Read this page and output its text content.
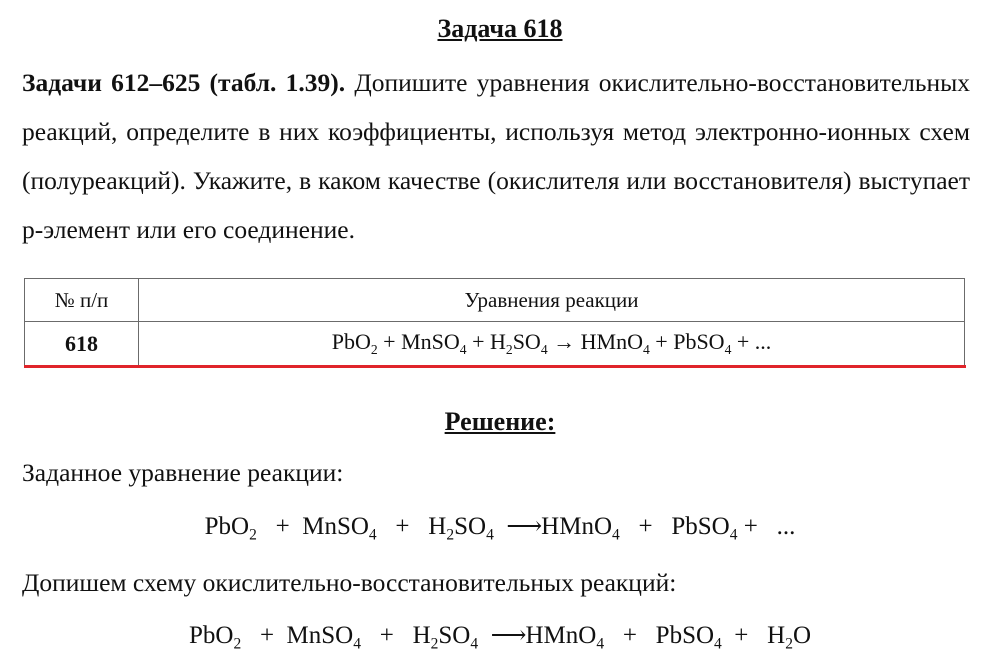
Задача 618
Задачи 612–625 (табл. 1.39). Допишите уравнения окислительно-восстановительных реакций, определите в них коэффициенты, используя метод электронно-ионных схем (полуреакций). Укажите, в каком качестве (окислителя или восстановителя) выступает р-элемент или его соединение.
№ п/п	Уравнения реакции
618	PbO$_2$ + MnSO$_4$ + $H_2SO_4$ → HMnO$_4$ + PbSO$_4$ + ...
Решение:
Заданное уравнение реакции:
PbO$_2$ + MnSO$_4$ + $H_2SO_4$ ⟶HMnO$_4$ + PbSO$_4$ + ...
Допишем схему окислительно-восстановительных реакций:
PbO$_2$ + MnSO$_4$ + $H_2SO_4$ ⟶HMnO$_4$ + PbSO$_4$ + $H_2O$
